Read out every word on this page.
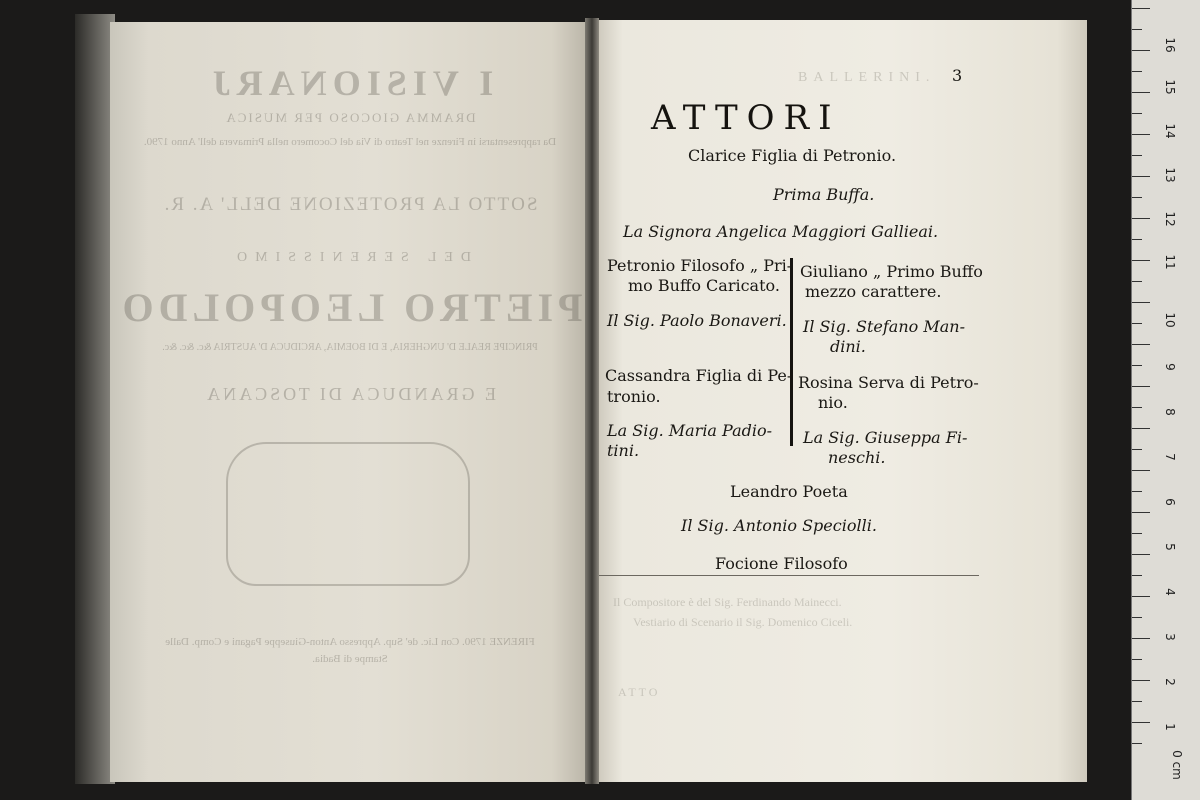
I VISIONARJ
DRAMMA GIOCOSO PER MUSICA
Da rappresentarsi in Firenze nel Teatro di Via del Cocomero nella Primavera dell' Anno 1790.
SOTTO LA PROTEZIONE DELL' A. R.
DEL SERENISSIMO
PIETRO LEOPOLDO
PRINCIPE REALE D' UNGHERIA, E DI BOEMIA, ARCIDUCA D' AUSTRIA &c. &c. &c.
E GRANDUCA DI TOSCANA
FIRENZE 1790. Con Lic. de' Sup. Appresso Anton-Giuseppe Pagani e Comp. Dalle Stampe di Badia.
BALLERINI.
Il Compositore è del Sig. Ferdinando Mainecci.
Vestiario di Scenario il Sig. Domenico Ciceli.
ATTO
3
ATTORI
Clarice Figlia di Petronio.
Prima Buffa.
La Signora Angelica Maggiori Gallieai.
Petronio Filosofo „ Pri-
mo Buffo Caricato.
Il Sig. Paolo Bonaveri.
Giuliano „ Primo Buffo
mezzo carattere.
Il Sig. Stefano Man-
dini.
Cassandra Figlia di Pe-
tronio.
La Sig. Maria Padio-
tini.
Rosina Serva di Petro-
nio.
La Sig. Giuseppa Fi-
neschi.
Leandro Poeta
Il Sig. Antonio Speciolli.
Focione Filosofo
16
15
14
13
12
11
10
9
8
7
6
5
4
3
2
1
0 cm
